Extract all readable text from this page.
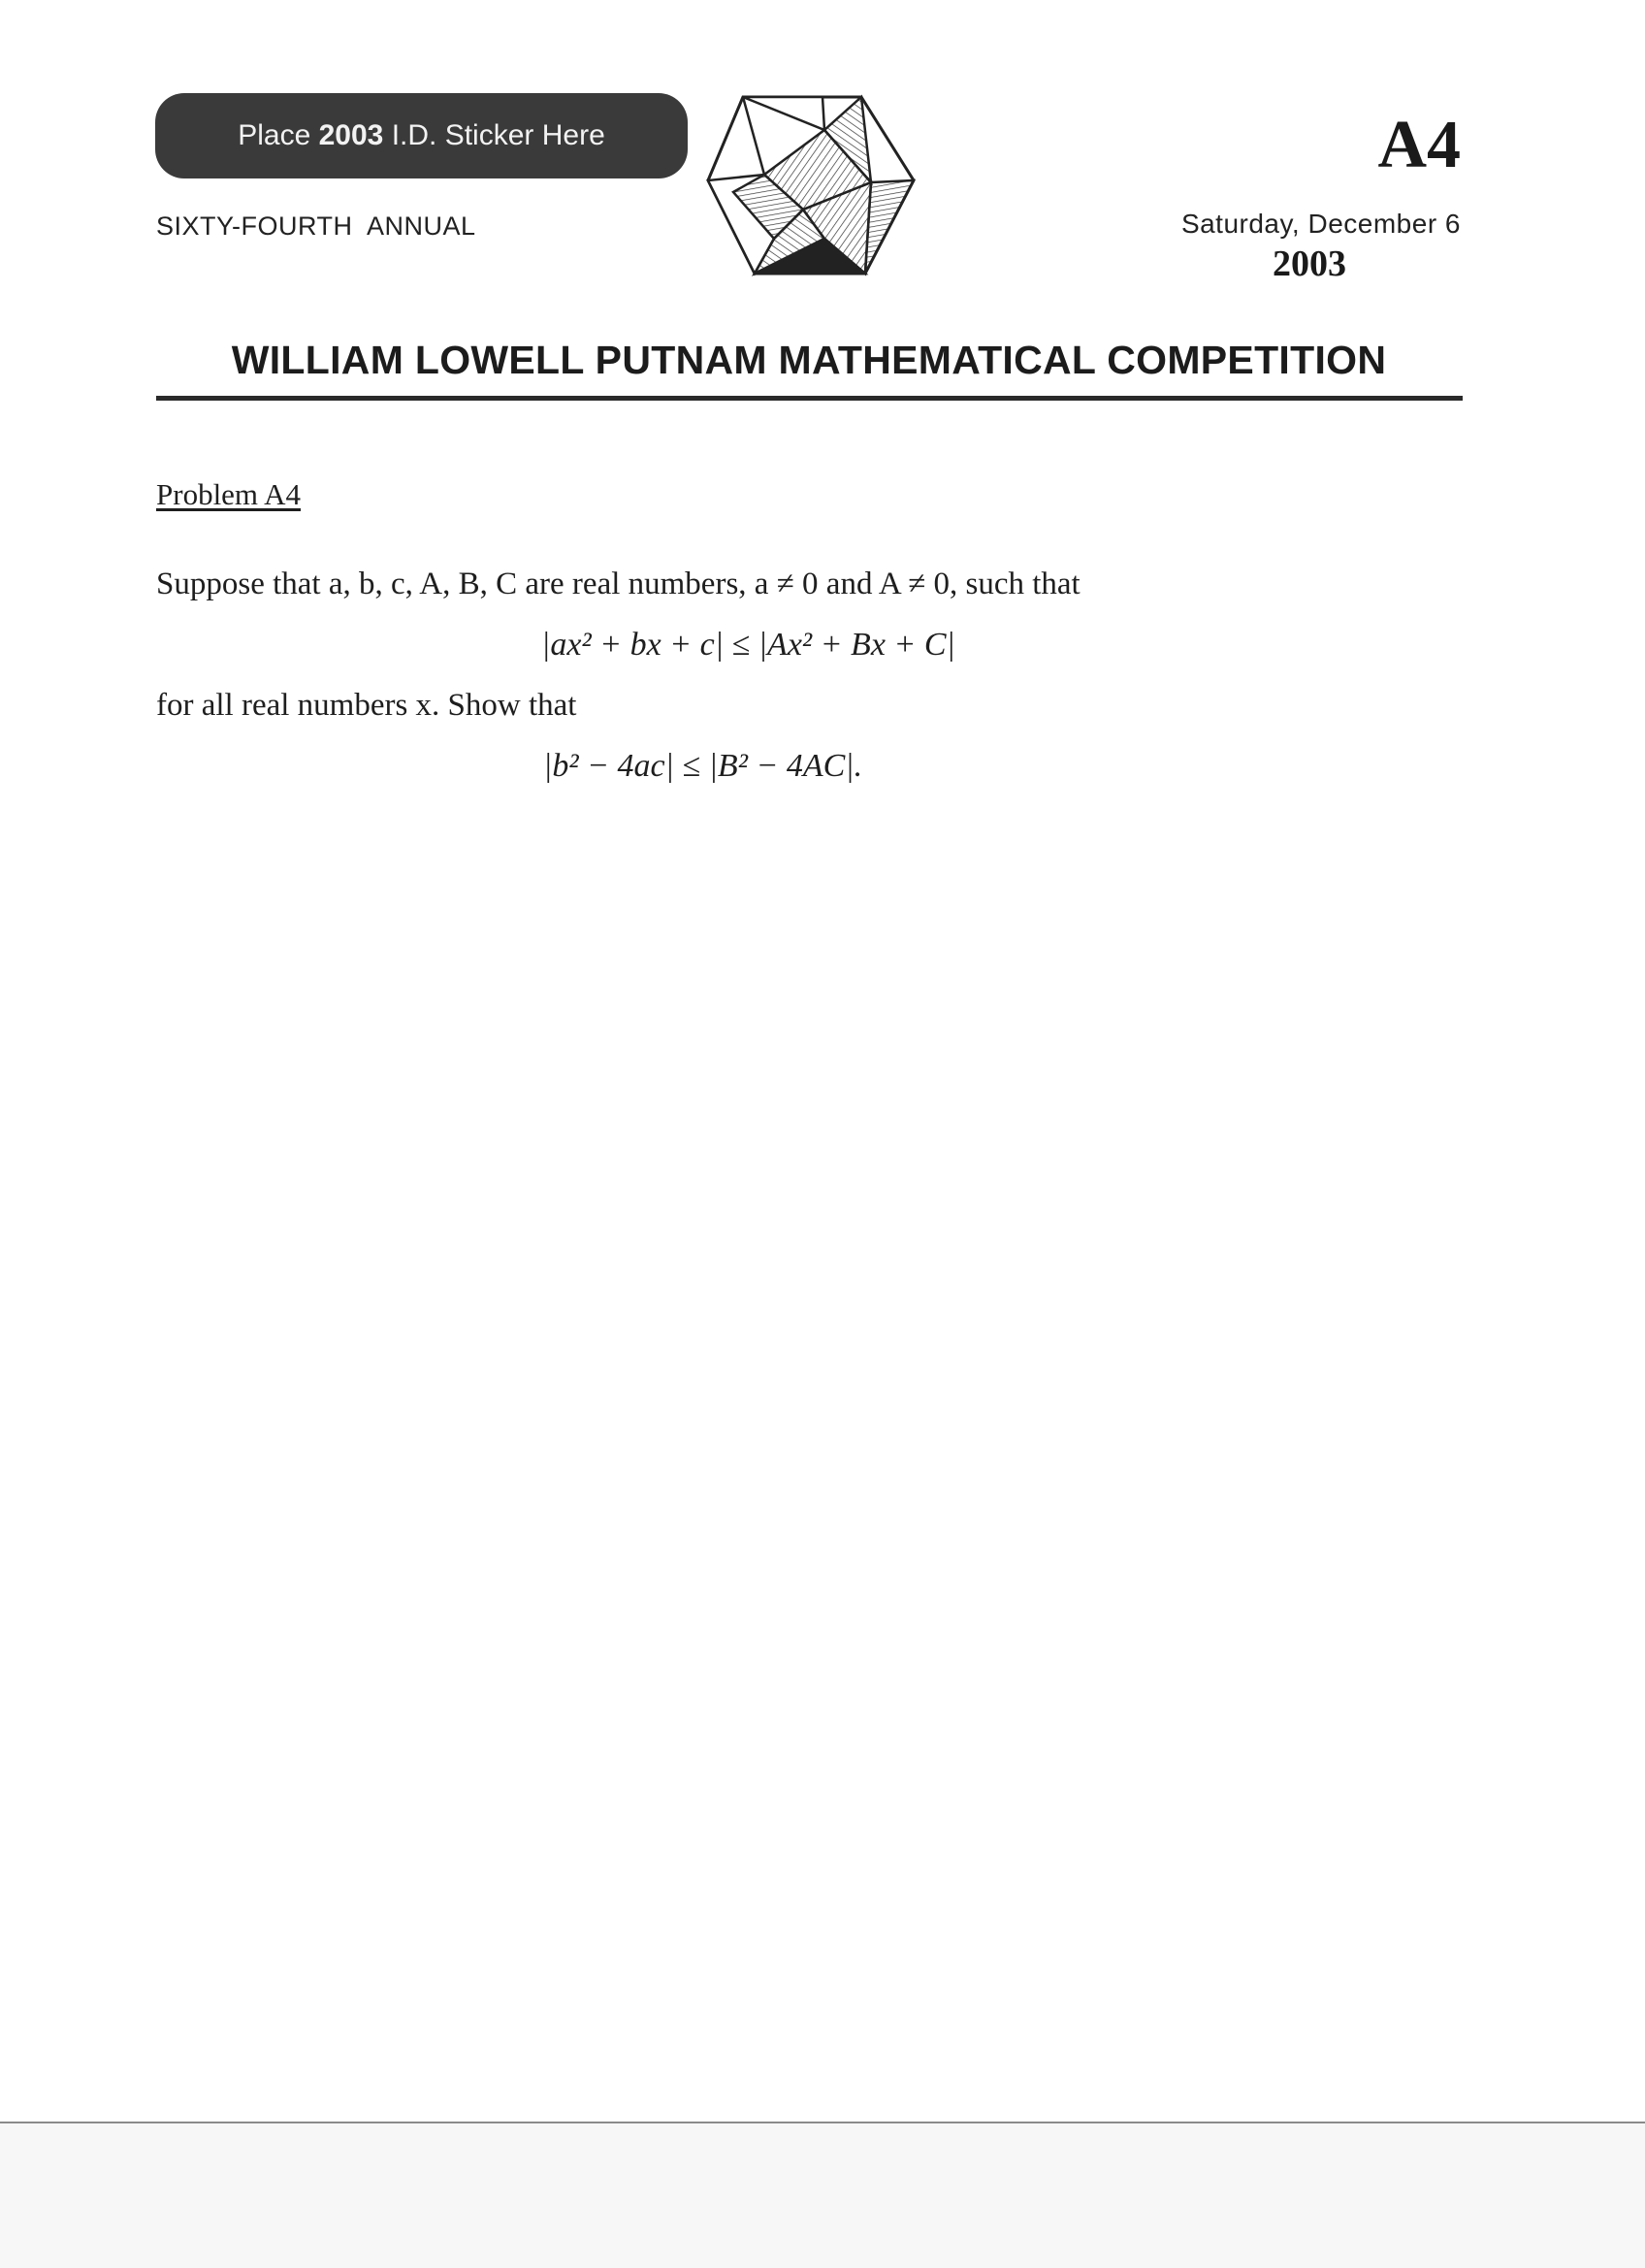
Place 2003 I.D. Sticker Here
SIXTY-FOURTH  ANNUAL
A4
Saturday, December 6
2003
WILLIAM LOWELL PUTNAM MATHEMATICAL COMPETITION
Problem A4
Suppose that a, b, c, A, B, C are real numbers, a ≠ 0 and A ≠ 0, such that
|ax² + bx + c| ≤ |Ax² + Bx + C|
for all real numbers x. Show that
|b² − 4ac| ≤ |B² − 4AC|.
